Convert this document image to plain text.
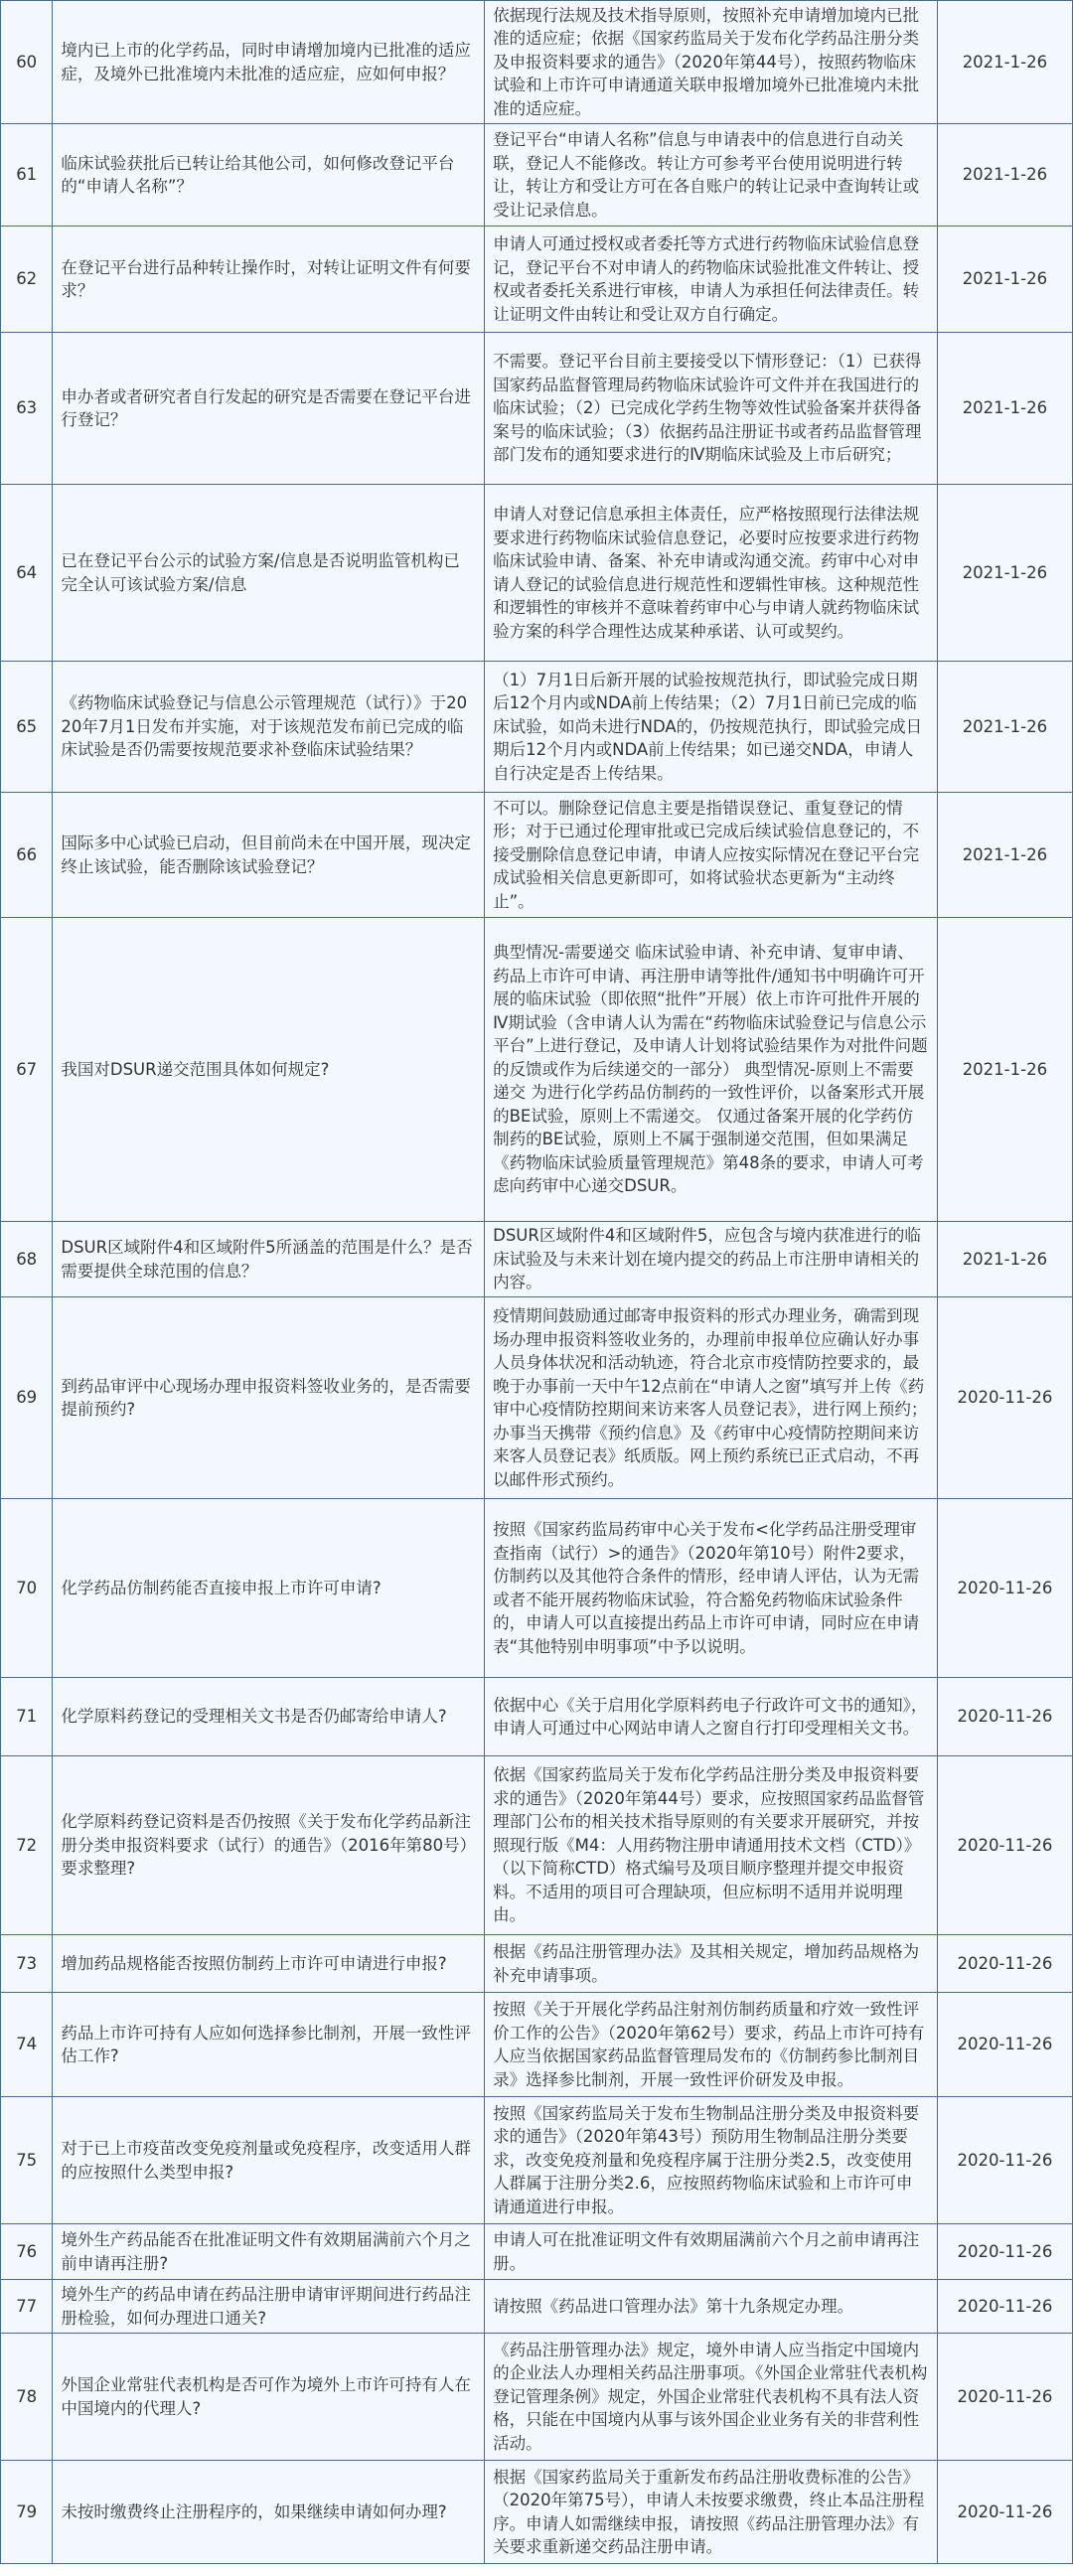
60	境内已上市的化学药品，同时申请增加境内已批准的适应症，及境外已批准境内未批准的适应症，应如何申报？	依据现行法规及技术指导原则，按照补充申请增加境内已批准的适应症；依据《国家药监局关于发布化学药品注册分类及申报资料要求的通告》（2020年第44号），按照药物临床试验和上市许可申请通道关联申报增加境外已批准境内未批准的适应症。	2021-1-26
61	临床试验获批后已转让给其他公司，如何修改登记平台的“申请人名称”？	登记平台“申请人名称”信息与申请表中的信息进行自动关联，登记人不能修改。转让方可参考平台使用说明进行转让，转让方和受让方可在各自账户的转让记录中查询转让或受让记录信息。	2021-1-26
62	在登记平台进行品种转让操作时，对转让证明文件有何要求？	申请人可通过授权或者委托等方式进行药物临床试验信息登记，登记平台不对申请人的药物临床试验批准文件转让、授权或者委托关系进行审核，申请人为承担任何法律责任。转让证明文件由转让和受让双方自行确定。	2021-1-26
63	申办者或者研究者自行发起的研究是否需要在登记平台进行登记？	不需要。登记平台目前主要接受以下情形登记：（1）已获得国家药品监督管理局药物临床试验许可文件并在我国进行的临床试验；（2）已完成化学药生物等效性试验备案并获得备案号的临床试验；（3）依据药品注册证书或者药品监督管理部门发布的通知要求进行的Ⅳ期临床试验及上市后研究；	2021-1-26
64	已在登记平台公示的试验方案/信息是否说明监管机构已完全认可该试验方案/信息	申请人对登记信息承担主体责任，应严格按照现行法律法规要求进行药物临床试验信息登记，必要时应按要求进行药物临床试验申请、备案、补充申请或沟通交流。药审中心对申请人登记的试验信息进行规范性和逻辑性审核。这种规范性和逻辑性的审核并不意味着药审中心与申请人就药物临床试验方案的科学合理性达成某种承诺、认可或契约。	2021-1-26
65	《药物临床试验登记与信息公示管理规范（试行）》于2020年7月1日发布并实施，对于该规范发布前已完成的临床试验是否仍需要按规范要求补登临床试验结果？	（1）7月1日后新开展的试验按规范执行，即试验完成日期后12个月内或NDA前上传结果；（2）7月1日前已完成的临床试验，如尚未进行NDA的，仍按规范执行，即试验完成日期后12个月内或NDA前上传结果；如已递交NDA，申请人自行决定是否上传结果。	2021-1-26
66	国际多中心试验已启动，但目前尚未在中国开展，现决定终止该试验，能否删除该试验登记？	不可以。删除登记信息主要是指错误登记、重复登记的情形；对于已通过伦理审批或已完成后续试验信息登记的，不接受删除信息登记申请，申请人应按实际情况在登记平台完成试验相关信息更新即可，如将试验状态更新为“主动终止”。	2021-1-26
67	我国对DSUR递交范围具体如何规定?	典型情况-需要递交 临床试验申请、补充申请、复审申请、药品上市许可申请、再注册申请等批件/通知书中明确许可开展的临床试验（即依照“批件”开展）依上市许可批件开展的Ⅳ期试验（含申请人认为需在“药物临床试验登记与信息公示平台”上进行登记，及申请人计划将试验结果作为对批件问题的反馈或作为后续递交的一部分） 典型情况-原则上不需要递交 为进行化学药品仿制药的一致性评价，以备案形式开展的BE试验，原则上不需递交。 仅通过备案开展的化学药仿制药的BE试验，原则上不属于强制递交范围，但如果满足《药物临床试验质量管理规范》第48条的要求，申请人可考虑向药审中心递交DSUR。	2021-1-26
68	DSUR区域附件4和区域附件5所涵盖的范围是什么？是否需要提供全球范围的信息？	DSUR区域附件4和区域附件5，应包含与境内获准进行的临床试验及与未来计划在境内提交的药品上市注册申请相关的内容。	2021-1-26
69	到药品审评中心现场办理申报资料签收业务的，是否需要提前预约?	疫情期间鼓励通过邮寄申报资料的形式办理业务，确需到现场办理申报资料签收业务的，办理前申报单位应确认好办事人员身体状况和活动轨迹，符合北京市疫情防控要求的，最晚于办事前一天中午12点前在“申请人之窗”填写并上传《药审中心疫情防控期间来访来客人员登记表》，进行网上预约；办事当天携带《预约信息》及《药审中心疫情防控期间来访来客人员登记表》纸质版。网上预约系统已正式启动，不再以邮件形式预约。	2020-11-26
70	化学药品仿制药能否直接申报上市许可申请?	按照《国家药监局药审中心关于发布<化学药品注册受理审查指南（试行）>的通告》（2020年第10号）附件2要求，仿制药以及其他符合条件的情形，经申请人评估，认为无需或者不能开展药物临床试验，符合豁免药物临床试验条件的，申请人可以直接提出药品上市许可申请，同时应在申请表“其他特别申明事项”中予以说明。	2020-11-26
71	化学原料药登记的受理相关文书是否仍邮寄给申请人?	依据中心《关于启用化学原料药电子行政许可文书的通知》，申请人可通过中心网站申请人之窗自行打印受理相关文书。	2020-11-26
72	化学原料药登记资料是否仍按照《关于发布化学药品新注册分类申报资料要求（试行）的通告》（2016年第80号）要求整理?	依据《国家药监局关于发布化学药品注册分类及申报资料要求的通告》（2020年第44号）要求，应按照国家药品监督管理部门公布的相关技术指导原则的有关要求开展研究，并按照现行版《M4：人用药物注册申请通用技术文档（CTD）》（以下简称CTD）格式编号及项目顺序整理并提交申报资料。不适用的项目可合理缺项，但应标明不适用并说明理由。	2020-11-26
73	增加药品规格能否按照仿制药上市许可申请进行申报?	根据《药品注册管理办法》及其相关规定，增加药品规格为补充申请事项。	2020-11-26
74	药品上市许可持有人应如何选择参比制剂，开展一致性评估工作?	按照《关于开展化学药品注射剂仿制药质量和疗效一致性评价工作的公告》（2020年第62号）要求，药品上市许可持有人应当依据国家药品监督管理局发布的《仿制药参比制剂目录》选择参比制剂，开展一致性评价研发及申报。	2020-11-26
75	对于已上市疫苗改变免疫剂量或免疫程序，改变适用人群的应按照什么类型申报?	按照《国家药监局关于发布生物制品注册分类及申报资料要求的通告》（2020年第43号）预防用生物制品注册分类要求，改变免疫剂量和免疫程序属于注册分类2.5，改变使用人群属于注册分类2.6，应按照药物临床试验和上市许可申请通道进行申报。	2020-11-26
76	境外生产药品能否在批准证明文件有效期届满前六个月之前申请再注册?	申请人可在批准证明文件有效期届满前六个月之前申请再注册。	2020-11-26
77	境外生产的药品申请在药品注册申请审评期间进行药品注册检验，如何办理进口通关?	请按照《药品进口管理办法》第十九条规定办理。	2020-11-26
78	外国企业常驻代表机构是否可作为境外上市许可持有人在中国境内的代理人?	《药品注册管理办法》规定，境外申请人应当指定中国境内的企业法人办理相关药品注册事项。《外国企业常驻代表机构登记管理条例》规定，外国企业常驻代表机构不具有法人资格，只能在中国境内从事与该外国企业业务有关的非营利性活动。	2020-11-26
79	未按时缴费终止注册程序的，如果继续申请如何办理?	根据《国家药监局关于重新发布药品注册收费标准的公告》（2020年第75号），申请人未按要求缴费，终止本品注册程序。申请人如需继续申报，请按照《药品注册管理办法》有关要求重新递交药品注册申请。	2020-11-26
